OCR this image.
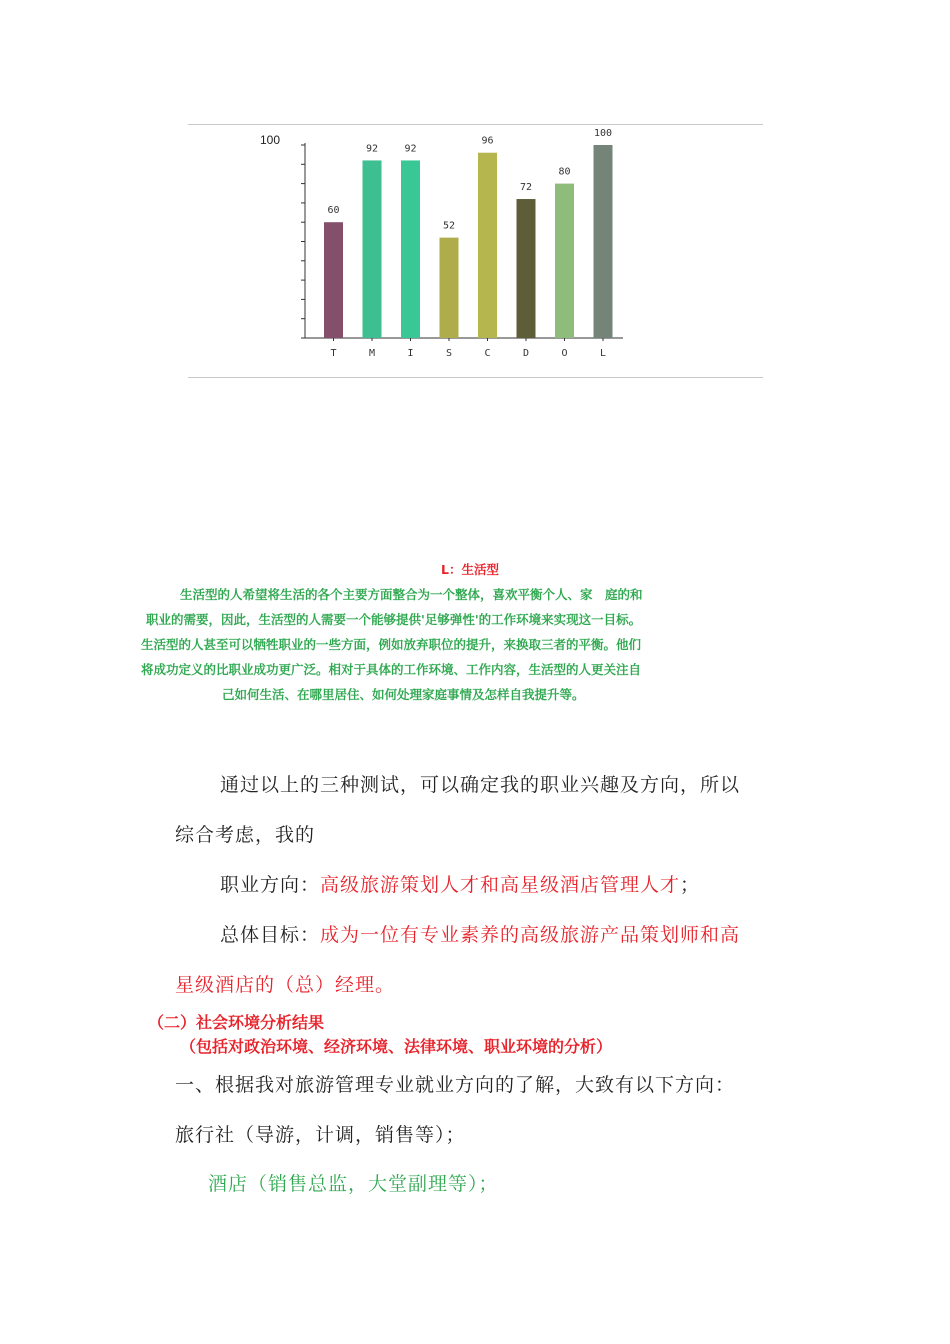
100
60
T
92
M
92
I
52
S
96
C
72
D
80
O
100
L
L：生活型
生活型的人希望将生活的各个主要方面整合为一个整体，喜欢平衡个人、家　庭的和
职业的需要，因此，生活型的人需要一个能够提供'足够弹性'的工作环境来实现这一目标。
生活型的人甚至可以牺牲职业的一些方面，例如放弃职位的提升，来换取三者的平衡。他们
将成功定义的比职业成功更广泛。相对于具体的工作环境、工作内容，生活型的人更关注自
己如何生活、在哪里居住、如何处理家庭事情及怎样自我提升等。
通过以上的三种测试，可以确定我的职业兴趣及方向，所以
综合考虑，我的
职业方向：高级旅游策划人才和高星级酒店管理人才；
总体目标：成为一位有专业素养的高级旅游产品策划师和高
星级酒店的（总）经理。
（二）社会环境分析结果
（包括对政治环境、经济环境、法律环境、职业环境的分析）
一、根据我对旅游管理专业就业方向的了解，大致有以下方向：
旅行社（导游，计调，销售等）；
酒店（销售总监，大堂副理等）；
